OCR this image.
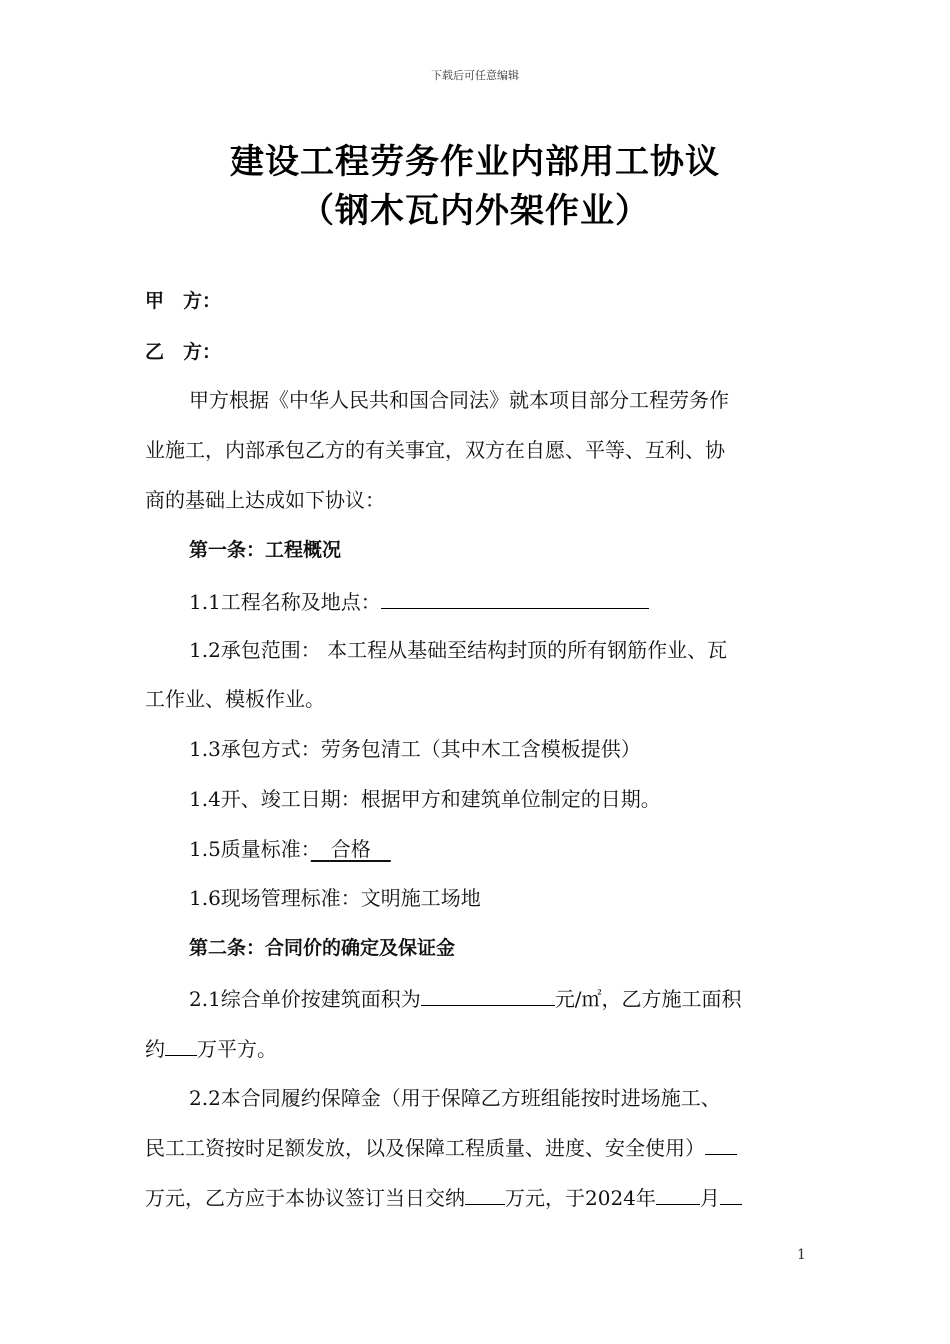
下载后可任意编辑
建设工程劳务作业内部用工协议
（钢木瓦内外架作业）
甲　方：
乙　方：
甲方根据《中华人民共和国合同法》就本项目部分工程劳务作
业施工，内部承包乙方的有关事宜，双方在自愿、平等、互利、协
商的基础上达成如下协议：
第一条：工程概况
1.1工程名称及地点：
1.2承包范围： 本工程从基础至结构封顶的所有钢筋作业、瓦
工作业、模板作业。
1.3承包方式：劳务包清工（其中木工含模板提供）
1.4开、竣工日期：根据甲方和建筑单位制定的日期。
1.5质量标准：　合格　
1.6现场管理标准：文明施工场地
第二条：合同价的确定及保证金
2.1综合单价按建筑面积为	元/㎡，乙方施工面积
约 万平方。
2.2本合同履约保障金（用于保障乙方班组能按时进场施工、
民工工资按时足额发放，以及保障工程质量、进度、安全使用）
万元，乙方应于本协议签订当日交纳 万元，于2024年 月
1
